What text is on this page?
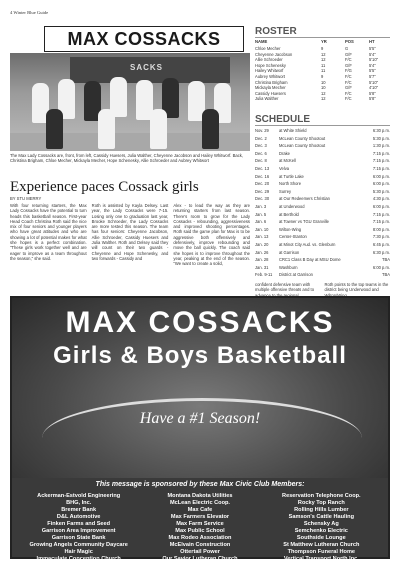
4 Winter Blue Guide
MAX COSSACKS
SACKS
The Max Lady Cossacks are, front, from left, Cassidy Huesers, Julia Walther, Cheyenne Jacobson and Hailey Whitworf. Back, Christina Brigham, Chloe Mecher, Mickayla Mecher, Hope Schenesky, Allie Schroeder and Aubrey Whitwort
Experience paces Cossack girls
BY STU MERRY
With four returning starters, the Max Lady Cossacks have the potential to turn heads this basketball season. First-year Head Coach Christina Roth said the nice mix of four seniors and younger players who have great attitudes and who are showing a lot of potential makes for what she hopes is a perfect combination. "These girls work together well and are eager to improve as a team throughout the season," she said.
Roth is assisted by Kayla Delsey. Last year, the Lady Cossacks were 7-15. Losing only one to graduation last year, Brooke Schroeder, the Lady Cossacks are more tested this season. The team has four seniors: Cheyenne Jacobson, Allie Schroeder, Cassidy Huesers and Julia Walther. Roth and Delsey said they will count on their two guards - Cheyenne and Hope Schenesky, and two forwards - Cassidy and
Alex - to lead the way as they are returning starters from last season. There's room to grow for the Lady Cossacks - rebounding, aggressiveness and improved shooting percentages. Roth said the game plan for Max is to be aggressive both offensively and defensively, improve rebounding and move the ball quickly. The coach said she hopes is to improve throughout the year, peaking at the end of the season. "We want to create a solid,
ROSTER
NAME	YR	POS	HT
Chloe Mecher	9	G	5'5"
Cheyenne Jacobson	12	G/F	5'4"
Allie Schroeder	12	F/C	5'10"
Hope Schenesky	11	G/F	5'4"
Hailey Whitworf	11	F/G	5'5"
Aubrey Whitwort	9	F/C	5'7"
Christina Brigham	10	F/C	5'10"
Mickayla Mecher	10	G/F	4'10"
Cassidy Huesers	12	F/C	5'8"
Julia Walther	12	F/C	5'8"
SCHEDULE
Nov. 29	at White Shield	6:30 p.m.
Dec. 2	McLean County Shootout	5:30 p.m.
Dec. 3	McLean County Shootout	1:30 p.m.
Dec. 6	Drake	7:15 p.m.
Dec. 8	at McKell	7:15 p.m.
Dec. 13	Velva	7:15 p.m.
Dec. 16	at Turtle Lake	6:00 p.m.
Dec. 20	North Shore	6:00 p.m.
Dec. 29	Surrey	5:30 p.m.
Dec. 30	at Our Redeemers Christian	4:30 p.m.
Jan. 3	at Underwood	6:00 p.m.
Jan. 5	at Berthold	7:15 p.m.
Jan. 6	at Towner vs TGU Granville	7:15 p.m.
Jan. 10	Wilton-Wing	8:00 p.m.
Jan. 13	Center-Stanton	7:30 p.m.
Jan. 20	at Minot City Aud. vs. Glenburn	6:45 p.m.
Jan. 26	at Garrison	6:30 p.m.
Jan. 28	CRC1 Class B Day at MSU Dome	TBA
Jan. 31	Washburn	6:00 p.m.
Feb. 9-11	District at Garrison	TBA
confident defensive team with multiple offensive threats and to
Roth points to the top teams in the district being Underwood and
MAX COSSACKS
Girls & Boys Basketball
Have a #1 Season!
This message is sponsored by these Max Civic Club Members:
Ackerman-Estvold Engineering
BHG, Inc.
Bremer Bank
D&L Automotive
Finken Farms and Seed
Garrison Area Improvement
Garrison State Bank
Growing Angels Community Daycare
Hair Magic
Immaculate Conception Church
Little Hoppers Daycare
Montana Dakota Utilities
McLean Electric Coop.
Max Cafe
Max Farmers Elevator
Max Farm Service
Max Public School
Max Rodeo Association
McElvain Construction
Ottertail Power
Our Savior Lutheran Church
Quality Dirt Works
Reservation Telephone Coop.
Rocky Top Ranch
Rolling Hills Lumber
Samson's Cattle Hauling
Schensky Ag
Semchenko Electric
Southside Lounge
St Matthew Lutheran Church
Thompson Funeral Home
Vertical Transport North Inc.
Wilcox Construction
